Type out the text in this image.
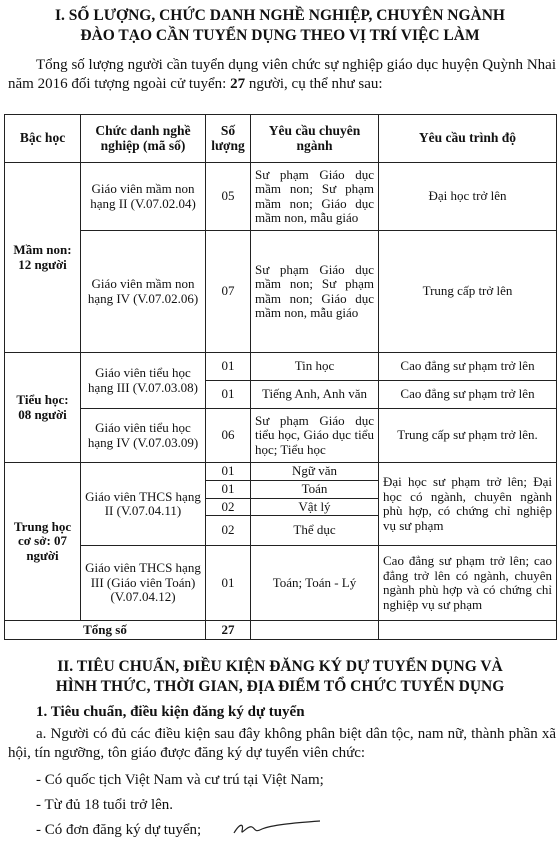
I. SỐ LƯỢNG, CHỨC DANH NGHỀ NGHIỆP, CHUYÊN NGÀNH
ĐÀO TẠO CẦN TUYỂN DỤNG THEO VỊ TRÍ VIỆC LÀM

Tổng số lượng người cần tuyển dụng viên chức sự nghiệp giáo dục huyện Quỳnh Nhai năm 2016 đối tượng ngoài cử tuyển: 27 người, cụ thể như sau:

Bậc học	Chức danh nghề nghiệp (mã số)	Số lượng	Yêu cầu chuyên ngành	Yêu cầu trình độ
Mầm non: 12 người	Giáo viên mầm non hạng II (V.07.02.04)	05	Sư phạm Giáo dục mầm non; Sư phạm mầm non; Giáo dục mầm non, mẫu giáo	Đại học trở lên
	Giáo viên mầm non hạng IV (V.07.02.06)	07	Sư phạm Giáo dục mầm non; Sư phạm mầm non; Giáo dục mầm non, mẫu giáo	Trung cấp trở lên
Tiểu học: 08 người	Giáo viên tiểu học hạng III (V.07.03.08)	01	Tin học	Cao đẳng sư phạm trở lên
		01	Tiếng Anh, Anh văn	Cao đẳng sư phạm trở lên
	Giáo viên tiểu học hạng IV (V.07.03.09)	06	Sư phạm Giáo dục tiểu học, Giáo dục tiểu học; Tiểu học	Trung cấp sư phạm trở lên.
Trung học cơ sở: 07 người	Giáo viên THCS hạng II (V.07.04.11)	01	Ngữ văn	Đại học sư phạm trở lên; Đại học có ngành, chuyên ngành phù hợp, có chứng chỉ nghiệp vụ sư phạm
		01	Toán	
		02	Vật lý	
		02	Thể dục	
	Giáo viên THCS hạng III (Giáo viên Toán) (V.07.04.12)	01	Toán; Toán - Lý	Cao đẳng sư phạm trở lên; cao đẳng trở lên có ngành, chuyên ngành phù hợp và có chứng chỉ nghiệp vụ sư phạm
Tổng số		27		
II. TIÊU CHUẨN, ĐIỀU KIỆN ĐĂNG KÝ DỰ TUYỂN DỤNG VÀ
HÌNH THỨC, THỜI GIAN, ĐỊA ĐIỂM TỔ CHỨC TUYỂN DỤNG

1. Tiêu chuẩn, điều kiện đăng ký dự tuyển

a. Người có đủ các điều kiện sau đây không phân biệt dân tộc, nam nữ, thành phần xã hội, tín ngưỡng, tôn giáo được đăng ký dự tuyển viên chức:

- Có quốc tịch Việt Nam và cư trú tại Việt Nam;

- Từ đủ 18 tuổi trở lên.

- Có đơn đăng ký dự tuyển;
